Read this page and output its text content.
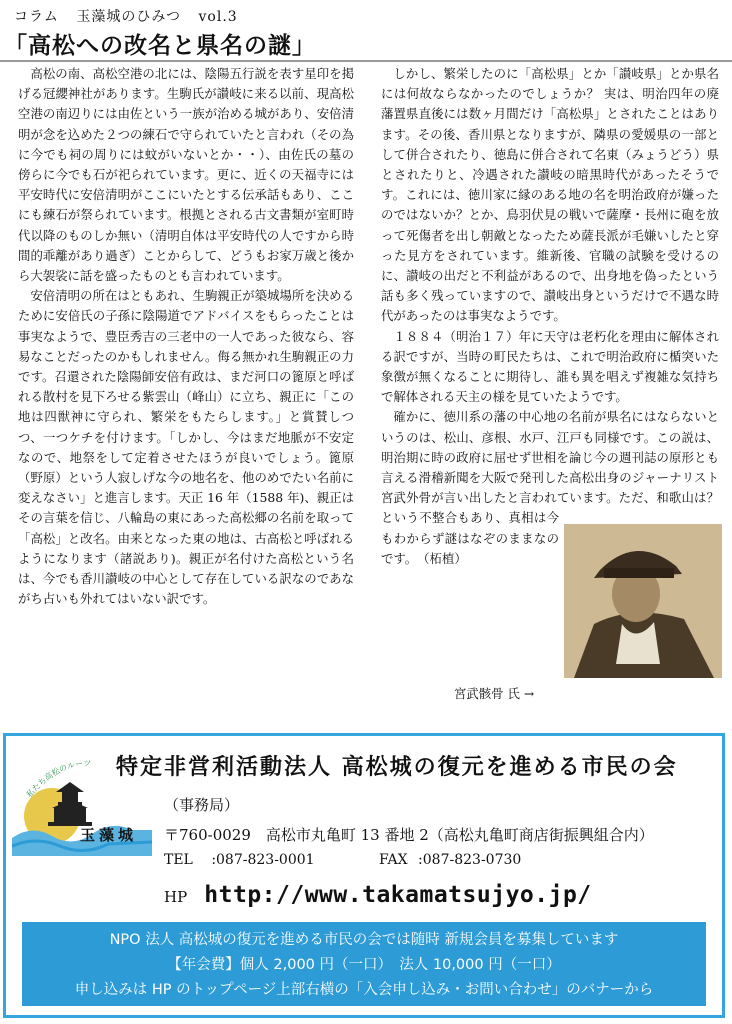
コラム 玉藻城のひみつ vol.3
「高松への改名と県名の謎」

高松の南、高松空港の北には、陰陽五行説を表す星印を掲げる冠纓神社があります。生駒氏が讃岐に来る以前、現高松空港の南辺りには由佐という一族が治める城があり、安倍清明が念を込めた２つの練石で守られていたと言われ（その為に今でも祠の周りには蚊がいないとか・・）、由佐氏の墓の傍らに今でも石が祀られています。更に、近くの天福寺には平安時代に安倍清明がここにいたとする伝承話もあり、ここにも練石が祭られています。根拠とされる古文書類が室町時代以降のものしか無い（清明自体は平安時代の人ですから時間的乖離があり過ぎ）ことからして、どうもお家万歳と後から大袈裟に話を盛ったものとも言われています。

安倍清明の所在はともあれ、生駒親正が築城場所を決めるために安倍氏の子孫に陰陽道でアドバイスをもらったことは事実なようで、豊臣秀吉の三老中の一人であった彼なら、容易なことだったのかもしれません。侮る無かれ生駒親正の力です。召還された陰陽師安倍有政は、まだ河口の篦原と呼ばれる散村を見下ろせる紫雲山（峰山）に立ち、親正に「この地は四獣神に守られ、繁栄をもたらします。」と賞賛しつつ、一つケチを付けます。「しかし、今はまだ地脈が不安定なので、地祭をして定着させたほうが良いでしょう。篦原（野原）という人寂しげな今の地名を、他のめでたい名前に変えなさい」と進言します。天正 16 年（1588 年)、親正はその言葉を信じ、八輪島の東にあった高松郷の名前を取って「高松」と改名。由来となった東の地は、古高松と呼ばれるようになります（諸説あり)。親正が名付けた高松という名は、今でも香川讃岐の中心として存在している訳なのであながち占いも外れてはいない訳です。

しかし、繁栄したのに「高松県」とか「讃岐県」とか県名には何故ならなかったのでしょうか？ 実は、明治四年の廃藩置県直後には数ヶ月間だけ「高松県」とされたことはあります。その後、香川県となりますが、隣県の愛媛県の一部として併合されたり、徳島に併合されて名東（みょうどう）県とされたりと、冷遇された讃岐の暗黒時代があったそうです。これには、徳川家に縁のある地の名を明治政府が嫌ったのではないか？とか、鳥羽伏見の戦いで薩摩・長州に砲を放って死傷者を出し朝敵となったため薩長派が毛嫌いしたと穿った見方をされています。維新後、官職の試験を受けるのに、讃岐の出だと不利益があるので、出身地を偽ったという話も多く残っていますので、讃岐出身というだけで不遇な時代があったのは事実なようです。

１８８４（明治１７）年に天守は老朽化を理由に解体される訳ですが、当時の町民たちは、これで明治政府に楯突いた象徴が無くなることに期待し、誰も異を唱えず複雑な気持ちで解体される天主の様を見ていたようです。

確かに、徳川系の藩の中心地の名前が県名にはならないというのは、松山、彦根、水戸、江戸も同様です。この説は、明治期に時の政府に屈せず世相を論じ今の週刊誌の原形とも言える滑稽新聞を大阪で発刊した高松出身のジャーナリスト宮武外骨が言い出したと言われています。ただ、和歌山は？という不整合もあり、真相は今もわからず謎はなぞのままなのです。　（柘植）

宮武骸骨 氏 →
私たち高松のルーツ 特定非営利活動法人 高松城の復元を進める市民の会
（事務局）
玉藻城 〒760-0029　高松市丸亀町 13 番地 2（高松丸亀町商店街振興組合内）
TEL :087-823-0001	FAX :087-823-0730
HP http://www.takamatsujyo.jp/
NPO 法人 高松城の復元を進める市民の会では随時 新規会員を募集しています
【年会費】個人 2,000 円（一口）　法人 10,000 円（一口）
申し込みは HP のトップページ上部右横の「入会申し込み・お問い合わせ」のバナーから
